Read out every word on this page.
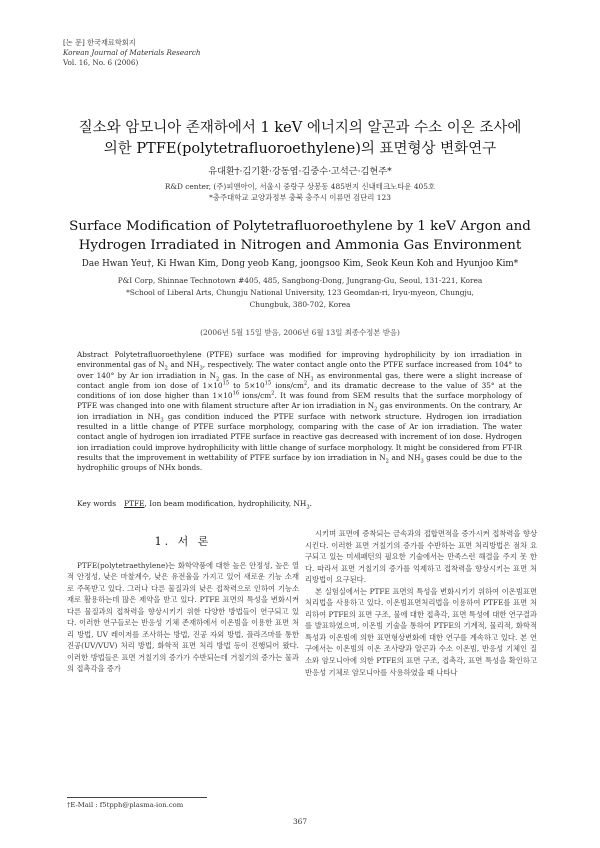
[논 문] 한국재료학회지
Korean Journal of Materials Research
Vol. 16, No. 6 (2006)
질소와 암모니아 존재하에서 1 keV 에너지의 알곤과 수소 이온 조사에
의한 PTFE(polytetrafluoroethylene)의 표면형상 변화연구
유대환†·김기환·강동엽·김중수·고석근·김현주*
R&D center, (주)피앤아이, 서울시 중랑구 상봉동 485번지 신내테크노타운 405호
*충주대학교 교양과정부 충북 충주시 이류면 검단리 123
Surface Modification of Polytetrafluoroethylene by 1 keV Argon and
Hydrogen Irradiated in Nitrogen and Ammonia Gas Environment
Dae Hwan Yeu†, Ki Hwan Kim, Dong yeob Kang, joongsoo Kim, Seok Keun Koh and Hyunjoo Kim*
P&I Corp, Shinnae Technotown #405, 485, Sangbong-Dong, Jungrang-Gu, Seoul, 131-221, Korea
*School of Liberal Arts, Chungju National University, 123 Geomdan-ri, Iryu-myeon, Chungju,
Chungbuk, 380-702, Korea
(2006년 5월 15일 받음, 2006년 6월 13일 최종수정본 받음)
Abstract Polytetrafluoroethylene (PTFE) surface was modified for improving hydrophilicity by ion irradiation in environmental gas of $N_2$ and $NH_3$, respectively. The water contact angle onto the PTFE surface increased from 104° to over 140° by Ar ion irradiation in $N_2$ gas. In the case of $NH_3$ as environmental gas, there were a slight increase of contact angle from ion dose of $1\times 10^{15}$ to $5\times 10^{15}$ ions/$cm^2$, and its dramatic decrease to the value of 35° at the conditions of ion dose higher than $1\times 10^{16}$ ions/$cm^2$. It was found from SEM results that the surface morphology of PTFE was changed into one with filament structure after Ar ion irradiation in $N_2$ gas environments. On the contrary, Ar ion irradiation in $NH_3$ gas condition induced the PTFE surface with network structure. Hydrogen ion irradiation resulted in a little change of PTFE surface morphology, comparing with the case of Ar ion irradiation. The water contact angle of hydrogen ion irradiated PTFE surface in reactive gas decreased with increment of ion dose. Hydrogen ion irradiation could improve hydrophilicity with little change of surface morphology. It might be considered from FT-IR results that the improvement in wettability of PTFE surface by ion irradiation in $N_2$ and $NH_3$ gases could be due to the hydrophilic groups of NHx bonds.
Key words PTFE, Ion beam modification, hydrophilicity, $NH_3$.
1. 서 론

PTFE(polytetraethylene)는 화학약품에 대한 높은 안정성, 높은 열적 안정성, 낮은 마찰계수, 낮은 유전율을 가지고 있어 새로운 기능 소재로 주목받고 있다. 그러나 다른 물질과의 낮은 접착력으로 인하여 기능소재로 활용하는데 많은 제약을 받고 있다. PTFE 표면의 특성을 변화시켜 다른 물질과의 접착력을 향상시키기 위한 다양한 방법들이 연구되고 있다. 이러한 연구들로는 반응성 기체 존재하에서 이온빔을 이용한 표면 처리 방법, UV 레이저를 조사하는 방법, 진공 자외 방법, 플라즈마를 통한 진공(UV/VUV) 처리 방법, 화학적 표면 처리 방법 등이 진행되어 왔다. 이러한 방법들은 표면 거칠기의 증가가 수반되는데 거칠기의 증가는 물과의 접촉각을 증가

시키며 표면에 증착되는 금속과의 접합면적을 증가시켜 접착력을 향상시킨다. 이러한 표면 거칠기의 증가를 수반하는 표면 처리방법은 점차 요구되고 있는 미세패턴의 필요한 기술에서는 만족스런 해결을 주지 못 한다. 따라서 표면 거칠기의 증가를 억제하고 접착력을 향상시키는 표면 처리방법이 요구된다.

본 실험실에서는 PTFE 표면의 특성을 변화시키기 위하여 이온빔표면처리법을 사용하고 있다. 이온빔표면처리법을 이용하여 PTFE를 표면 처리하여 PTFE의 표면 구조, 물에 대한 접촉각, 표면 특성에 대한 연구결과를 발표하였으며, 이온빔 기술을 통하여 PTFE의 기계적, 물리적, 화학적 특성과 이온빔에 의한 표면형상변화에 대한 연구를 계속하고 있다. 본 연구에서는 이온빔의 이온 조사량과 알곤과 수소 이온빔, 반응성 기체인 질소와 암모니아에 의한 PTFE의 표면 구조, 접촉각, 표면 특성을 확인하고 반응성 기체로 암모니아를 사용하였을 때 나타나

†E-Mail : f5tpph@plasma-ion.com
367
